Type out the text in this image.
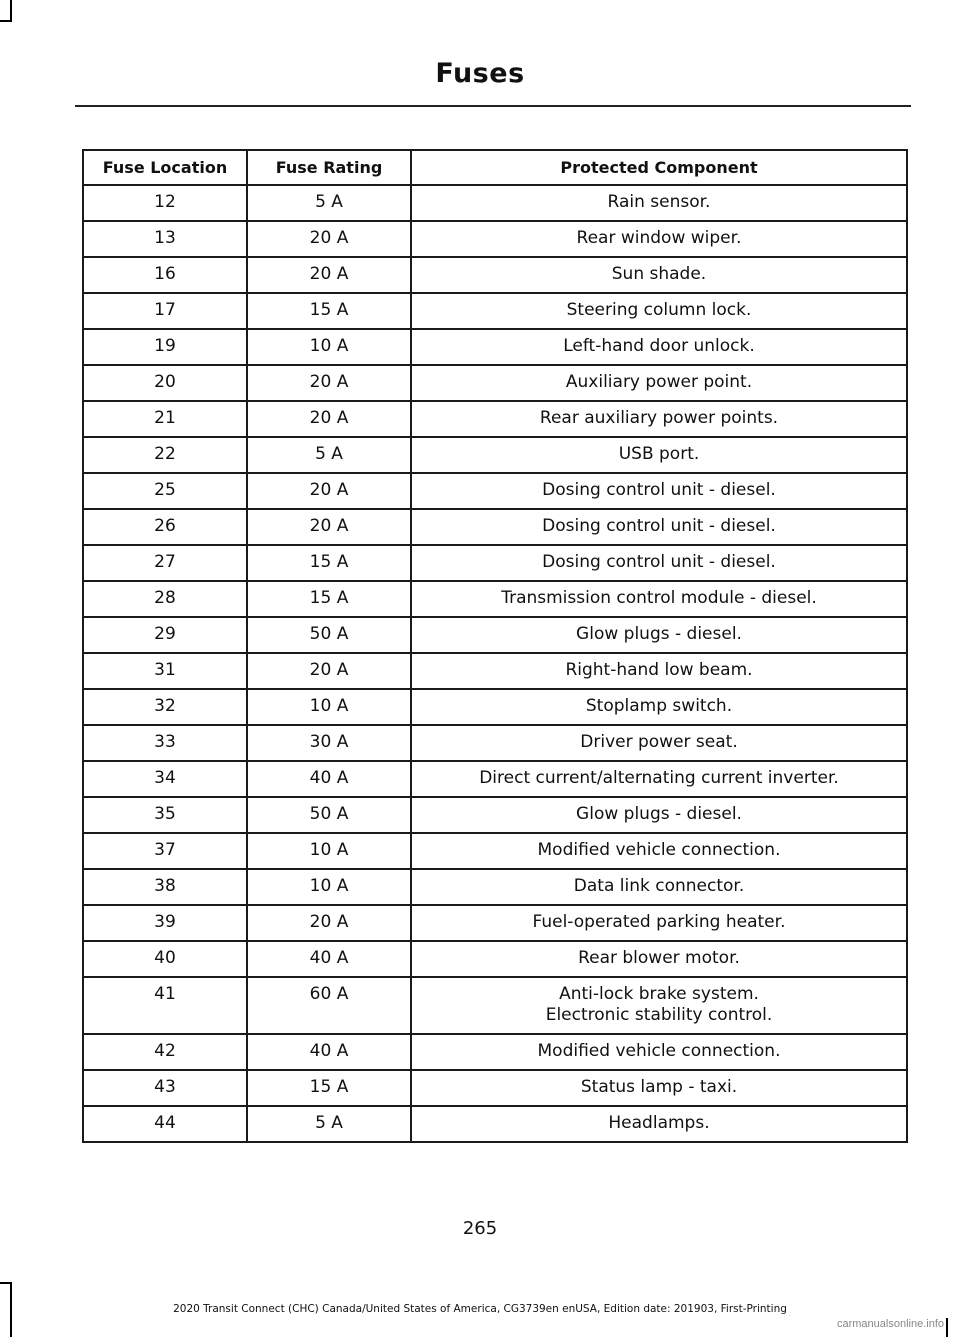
Fuses
Fuse Location	Fuse Rating	Protected Component
12	5 A	Rain sensor.

13	20 A	Rear window wiper.

16	20 A	Sun shade.

17	15 A	Steering column lock.

19	10 A	Left-hand door unlock.

20	20 A	Auxiliary power point.

21	20 A	Rear auxiliary power points.

22	5 A	USB port.

25	20 A	Dosing control unit - diesel.

26	20 A	Dosing control unit - diesel.

27	15 A	Dosing control unit - diesel.

28	15 A	Transmission control module - diesel.

29	50 A	Glow plugs - diesel.

31	20 A	Right-hand low beam.

32	10 A	Stoplamp switch.

33	30 A	Driver power seat.

34	40 A	Direct current/alternating current inverter.

35	50 A	Glow plugs - diesel.

37	10 A	Modified vehicle connection.

38	10 A	Data link connector.

39	20 A	Fuel-operated parking heater.

40	40 A	Rear blower motor.

41	60 A	Anti-lock brake system.
Electronic stability control.

42	40 A	Modified vehicle connection.

43	15 A	Status lamp - taxi.

44	5 A	Headlamps.
265
2020 Transit Connect (CHC) Canada/United States of America, CG3739en enUSA, Edition date: 201903, First-Printing
carmanualsonline.info
